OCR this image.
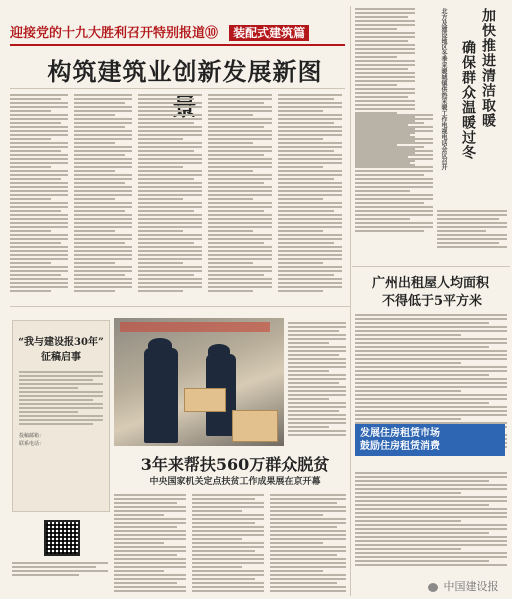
迎接党的十九大胜利召开特别报道⑩ 装配式建筑篇
构筑建筑业创新发展新图	加快推进清洁取暖
确保群众温暖过冬
北方及建设地区冬季采暖城镇供热采暖工作电视电话会议召开
广州出租屋人均面积
不得低于5平方米
发展住房租赁市场
鼓励住房租赁消费
“我与建设报30年”
征稿启事
投稿邮箱：
联系电话：
3年来帮扶560万群众脱贫
中央国家机关定点扶贫工作成果展在京开幕
中国建设报
